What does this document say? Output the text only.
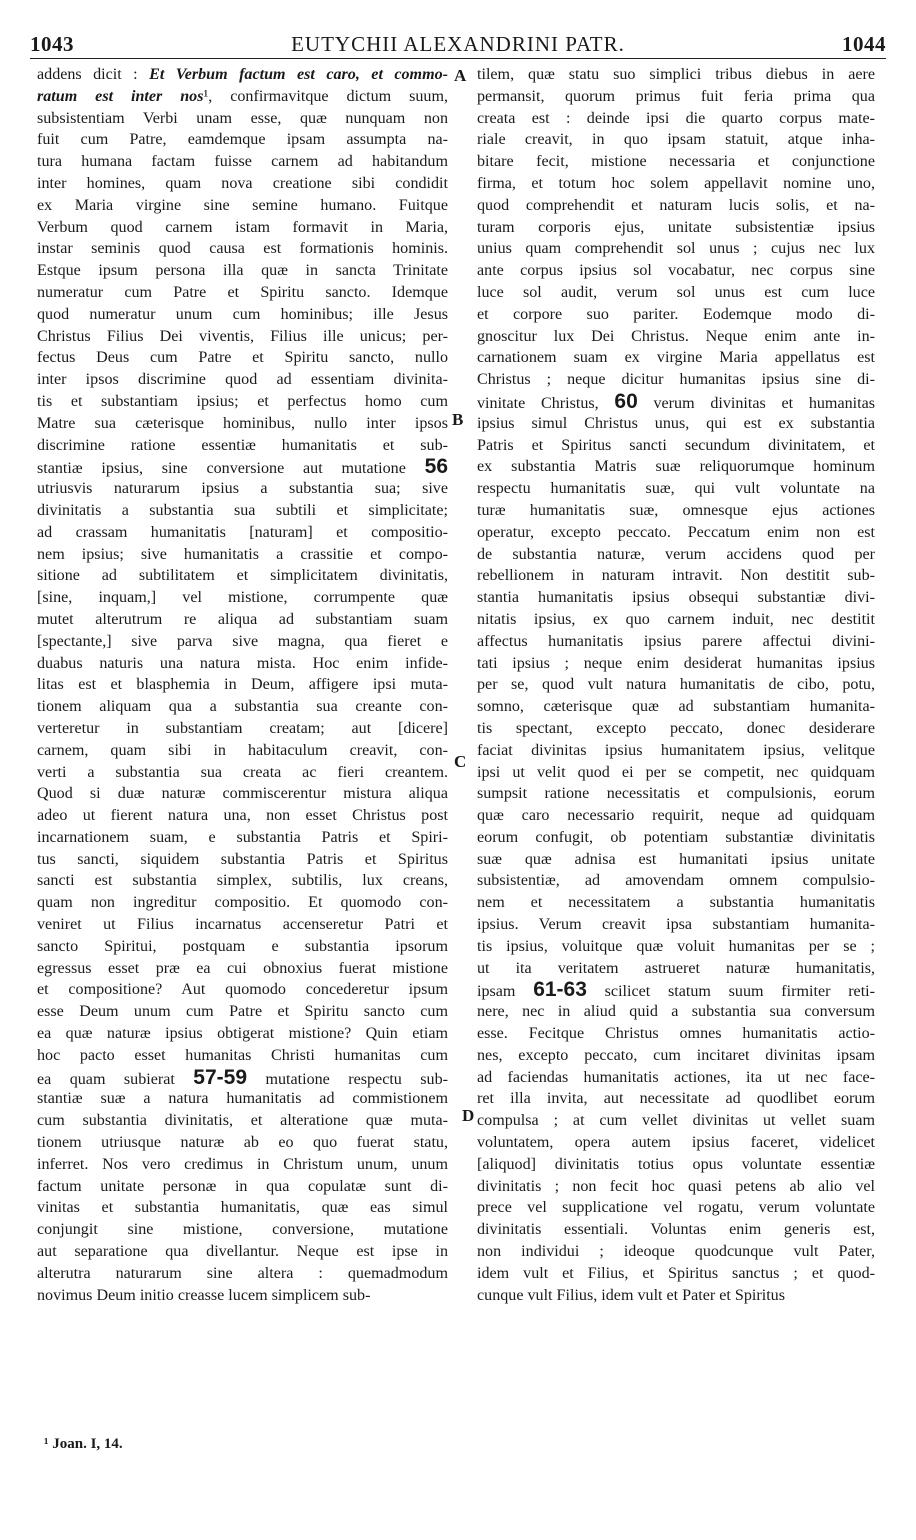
1043	EUTYCHII ALEXANDRINI PATR.	1044
A
B
C
D
addens dicit : Et Verbum factum est caro, et commo-
ratum est inter nos¹, confirmavitque dictum suum,
subsistentiam Verbi unam esse, quæ nunquam non
fuit cum Patre, eamdemque ipsam assumpta na-
tura humana factam fuisse carnem ad habitandum
inter homines, quam nova creatione sibi condidit
ex Maria virgine sine semine humano. Fuitque
Verbum quod carnem istam formavit in Maria,
instar seminis quod causa est formationis hominis.
Estque ipsum persona illa quæ in sancta Trinitate
numeratur cum Patre et Spiritu sancto. Idemque
quod numeratur unum cum hominibus; ille Jesus
Christus Filius Dei viventis, Filius ille unicus; per-
fectus Deus cum Patre et Spiritu sancto, nullo
inter ipsos discrimine quod ad essentiam divinita-
tis et substantiam ipsius; et perfectus homo cum
Matre sua cæterisque hominibus, nullo inter ipsos
discrimine ratione essentiæ humanitatis et sub-
stantiæ ipsius, sine conversione aut mutatione 56
utriusvis naturarum ipsius a substantia sua; sive
divinitatis a substantia sua subtili et simplicitate;
ad crassam humanitatis [naturam] et compositio-
nem ipsius; sive humanitatis a crassitie et compo-
sitione ad subtilitatem et simplicitatem divinitatis,
[sine, inquam,] vel mistione, corrumpente quæ
mutet alterutrum re aliqua ad substantiam suam
[spectante,] sive parva sive magna, qua fieret e
duabus naturis una natura mista. Hoc enim infide-
litas est et blasphemia in Deum, affigere ipsi muta-
tionem aliquam qua a substantia sua creante con-
verteretur in substantiam creatam; aut [dicere]
carnem, quam sibi in habitaculum creavit, con-
verti a substantia sua creata ac fieri creantem.
Quod si duæ naturæ commiscerentur mistura aliqua
adeo ut fierent natura una, non esset Christus post
incarnationem suam, e substantia Patris et Spiri-
tus sancti, siquidem substantia Patris et Spiritus
sancti est substantia simplex, subtilis, lux creans,
quam non ingreditur compositio. Et quomodo con-
veniret ut Filius incarnatus accenseretur Patri et
sancto Spiritui, postquam e substantia ipsorum
egressus esset præ ea cui obnoxius fuerat mistione
et compositione? Aut quomodo concederetur ipsum
esse Deum unum cum Patre et Spiritu sancto cum
ea quæ naturæ ipsius obtigerat mistione? Quin etiam
hoc pacto esset humanitas Christi humanitas cum
ea quam subierat 57-59 mutatione respectu sub-
stantiæ suæ a natura humanitatis ad commistionem
cum substantia divinitatis, et alteratione quæ muta-
tionem utriusque naturæ ab eo quo fuerat statu,
inferret. Nos vero credimus in Christum unum, unum
factum unitate personæ in qua copulatæ sunt di-
vinitas et substantia humanitatis, quæ eas simul
conjungit sine mistione, conversione, mutatione
aut separatione qua divellantur. Neque est ipse in
alterutra naturarum sine altera : quemadmodum
novimus Deum initio creasse lucem simplicem sub-
tilem, quæ statu suo simplici tribus diebus in aere
permansit, quorum primus fuit feria prima qua
creata est : deinde ipsi die quarto corpus mate-
riale creavit, in quo ipsam statuit, atque inha-
bitare fecit, mistione necessaria et conjunctione
firma, et totum hoc solem appellavit nomine uno,
quod comprehendit et naturam lucis solis, et na-
turam corporis ejus, unitate subsistentiæ ipsius
unius quam comprehendit sol unus ; cujus nec lux
ante corpus ipsius sol vocabatur, nec corpus sine
luce sol audit, verum sol unus est cum luce
et corpore suo pariter. Eodemque modo di-
gnoscitur lux Dei Christus. Neque enim ante in-
carnationem suam ex virgine Maria appellatus est
Christus ; neque dicitur humanitas ipsius sine di-
vinitate Christus, 60 verum divinitas et humanitas
ipsius simul Christus unus, qui est ex substantia
Patris et Spiritus sancti secundum divinitatem, et
ex substantia Matris suæ reliquorumque hominum
respectu humanitatis suæ, qui vult voluntate na
turæ humanitatis suæ, omnesque ejus actiones
operatur, excepto peccato. Peccatum enim non est
de substantia naturæ, verum accidens quod per
rebellionem in naturam intravit. Non destitit sub-
stantia humanitatis ipsius obsequi substantiæ divi-
nitatis ipsius, ex quo carnem induit, nec destitit
affectus humanitatis ipsius parere affectui divini-
tati ipsius ; neque enim desiderat humanitas ipsius
per se, quod vult natura humanitatis de cibo, potu,
somno, cæterisque quæ ad substantiam humanita-
tis spectant, excepto peccato, donec desiderare
faciat divinitas ipsius humanitatem ipsius, velitque
ipsi ut velit quod ei per se competit, nec quidquam
sumpsit ratione necessitatis et compulsionis, eorum
quæ caro necessario requirit, neque ad quidquam
eorum confugit, ob potentiam substantiæ divinitatis
suæ quæ adnisa est humanitati ipsius unitate
subsistentiæ, ad amovendam omnem compulsio-
nem et necessitatem a substantia humanitatis
ipsius. Verum creavit ipsa substantiam humanita-
tis ipsius, voluitque quæ voluit humanitas per se ;
ut ita veritatem astrueret naturæ humanitatis,
ipsam 61-63 scilicet statum suum firmiter reti-
nere, nec in aliud quid a substantia sua conversum
esse. Fecitque Christus omnes humanitatis actio-
nes, excepto peccato, cum incitaret divinitas ipsam
ad faciendas humanitatis actiones, ita ut nec face-
ret illa invita, aut necessitate ad quodlibet eorum
compulsa ; at cum vellet divinitas ut vellet suam
voluntatem, opera autem ipsius faceret, videlicet
[aliquod] divinitatis totius opus voluntate essentiæ
divinitatis ; non fecit hoc quasi petens ab alio vel
prece vel supplicatione vel rogatu, verum voluntate
divinitatis essentiali. Voluntas enim generis est,
non individui ; ideoque quodcunque vult Pater,
idem vult et Filius, et Spiritus sanctus ; et quod-
cunque vult Filius, idem vult et Pater et Spiritus
¹ Joan. I, 14.
